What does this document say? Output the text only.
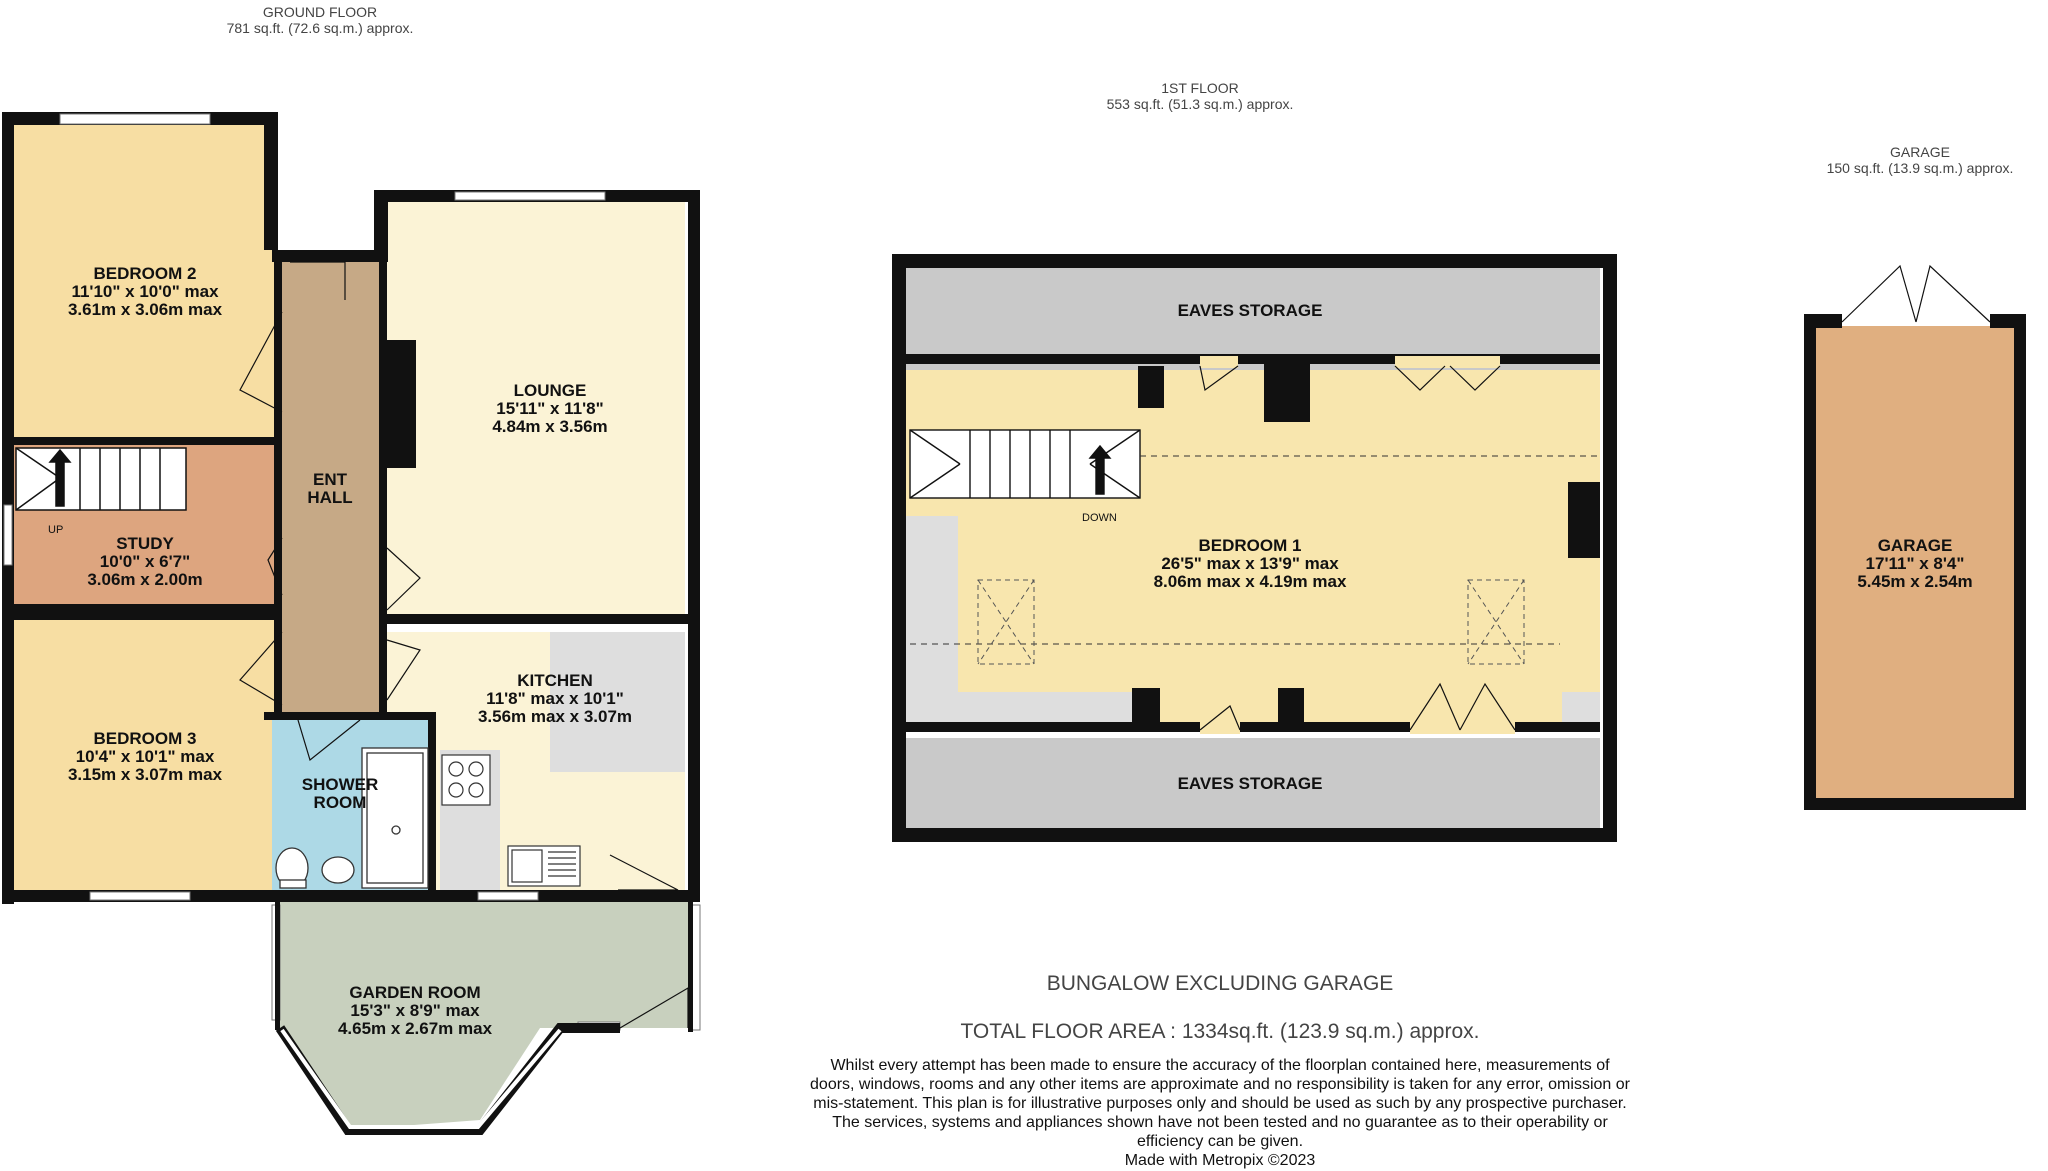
GROUND FLOOR
781 sq.ft. (72.6 sq.m.) approx.
1ST FLOOR
553 sq.ft. (51.3 sq.m.) approx.
GARAGE
150 sq.ft. (13.9 sq.m.) approx.
BEDROOM 2
11'10" x 10'0" max
3.61m x 3.06m max
ENT
HALL
LOUNGE
15'11" x 11'8"
4.84m x 3.56m
STUDY
10'0" x 6'7"
3.06m x 2.00m
UP
BEDROOM 3
10'4" x 10'1" max
3.15m x 3.07m max
SHOWER
ROOM
KITCHEN
11'8" max x 10'1"
3.56m max x 3.07m
GARDEN ROOM
15'3" x 8'9" max
4.65m x 2.67m max
EAVES STORAGE
BEDROOM 1
26'5" max x 13'9" max
8.06m max x 4.19m max
DOWN
EAVES STORAGE
GARAGE
17'11" x 8'4"
5.45m x 2.54m
BUNGALOW EXCLUDING GARAGE
TOTAL FLOOR AREA : 1334sq.ft. (123.9 sq.m.) approx.
Whilst every attempt has been made to ensure the accuracy of the floorplan contained here, measurements of doors, windows, rooms and any other items are approximate and no responsibility is taken for any error, omission or mis-statement. This plan is for illustrative purposes only and should be used as such by any prospective purchaser. The services, systems and appliances shown have not been tested and no guarantee as to their operability or efficiency can be given.
Made with Metropix ©2023
